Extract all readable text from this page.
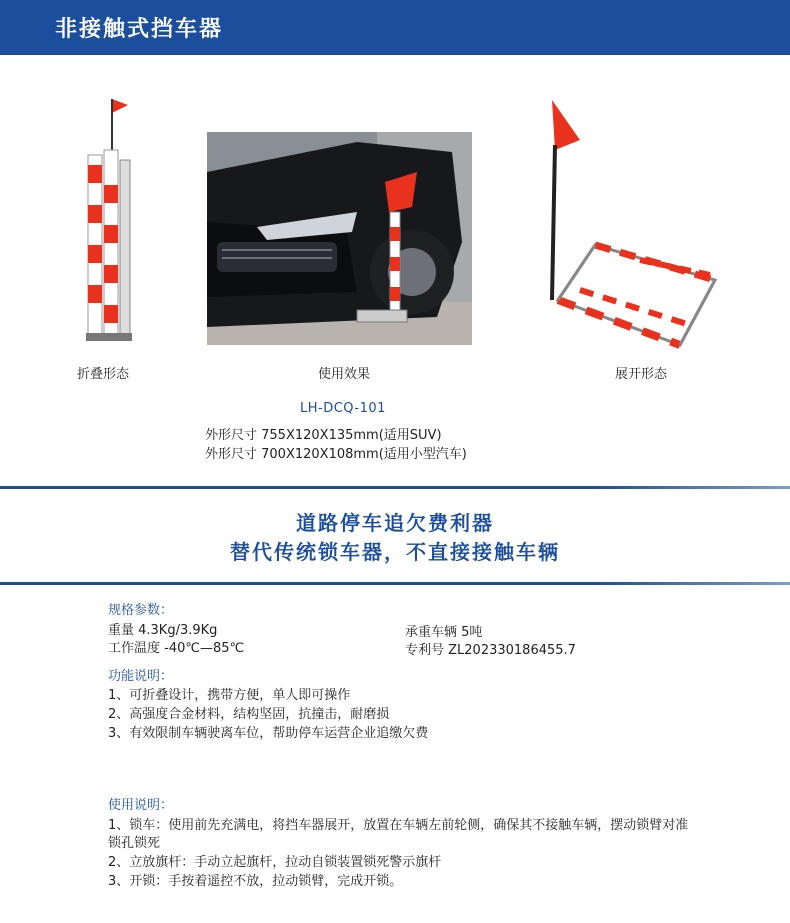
非接触式挡车器
折叠形态	使用效果	展开形态
LH-DCQ-101
外形尺寸 755X120X135mm(适用SUV)
外形尺寸 700X120X108mm(适用小型汽车)
道路停车追欠费利器
替代传统锁车器，不直接接触车辆
规格参数：
重量 4.3Kg/3.9Kg
工作温度 -40℃—85℃
承重车辆 5吨
专利号 ZL202330186455.7
功能说明：
1、可折叠设计，携带方便，单人即可操作
2、高强度合金材料，结构坚固，抗撞击，耐磨损
3、有效限制车辆驶离车位，帮助停车运营企业追缴欠费
使用说明：
1、锁车：使用前先充满电，将挡车器展开，放置在车辆左前轮侧，确保其不接触车辆，摆动锁臂对准
锁孔锁死
2、立放旗杆：手动立起旗杆，拉动自锁装置锁死警示旗杆
3、开锁：手按着遥控不放，拉动锁臂，完成开锁。
